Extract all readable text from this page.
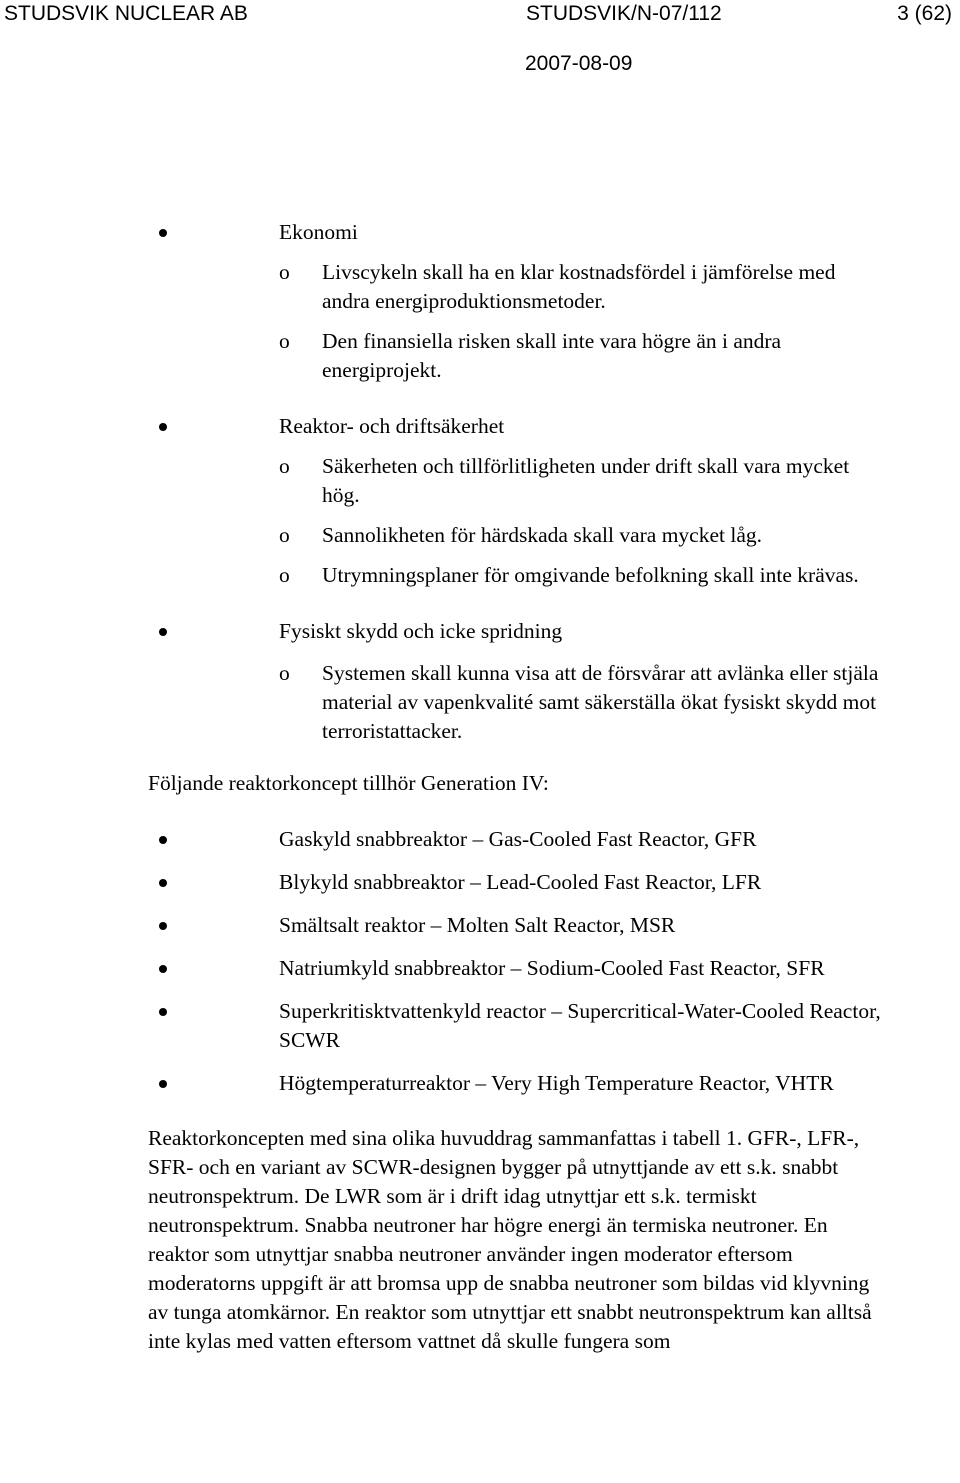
STUDSVIK NUCLEAR AB	STUDSVIK/N-07/112	3 (62)
2007-08-09
Ekonomi
o Livscykeln skall ha en klar kostnadsfördel i jämförelse med andra energiproduktionsmetoder.
o Den finansiella risken skall inte vara högre än i andra energiprojekt.
Reaktor- och driftsäkerhet
o Säkerheten och tillförlitligheten under drift skall vara mycket hög.
o Sannolikheten för härdskada skall vara mycket låg.
o Utrymningsplaner för omgivande befolkning skall inte krävas.
Fysiskt skydd och icke spridning
o Systemen skall kunna visa att de försvårar att avlänka eller stjäla material av vapenkvalité samt säkerställa ökat fysiskt skydd mot terroristattacker.
Följande reaktorkoncept tillhör Generation IV:
Gaskyld snabbreaktor – Gas-Cooled Fast Reactor, GFR
Blykyld snabbreaktor – Lead-Cooled Fast Reactor, LFR
Smältsalt reaktor – Molten Salt Reactor, MSR
Natriumkyld snabbreaktor – Sodium-Cooled Fast Reactor, SFR
Superkritisktvattenkyld reactor – Supercritical-Water-Cooled Reactor, SCWR
Högtemperaturreaktor – Very High Temperature Reactor, VHTR
Reaktorkoncepten med sina olika huvuddrag sammanfattas i tabell 1. GFR-, LFR-, SFR- och en variant av SCWR-designen bygger på utnyttjande av ett s.k. snabbt neutronspektrum. De LWR som är i drift idag utnyttjar ett s.k. termiskt neutronspektrum. Snabba neutroner har högre energi än termiska neutroner. En reaktor som utnyttjar snabba neutroner använder ingen moderator eftersom moderatorns uppgift är att bromsa upp de snabba neutroner som bildas vid klyvning av tunga atomkärnor. En reaktor som utnyttjar ett snabbt neutronspektrum kan alltså inte kylas med vatten eftersom vattnet då skulle fungera som
